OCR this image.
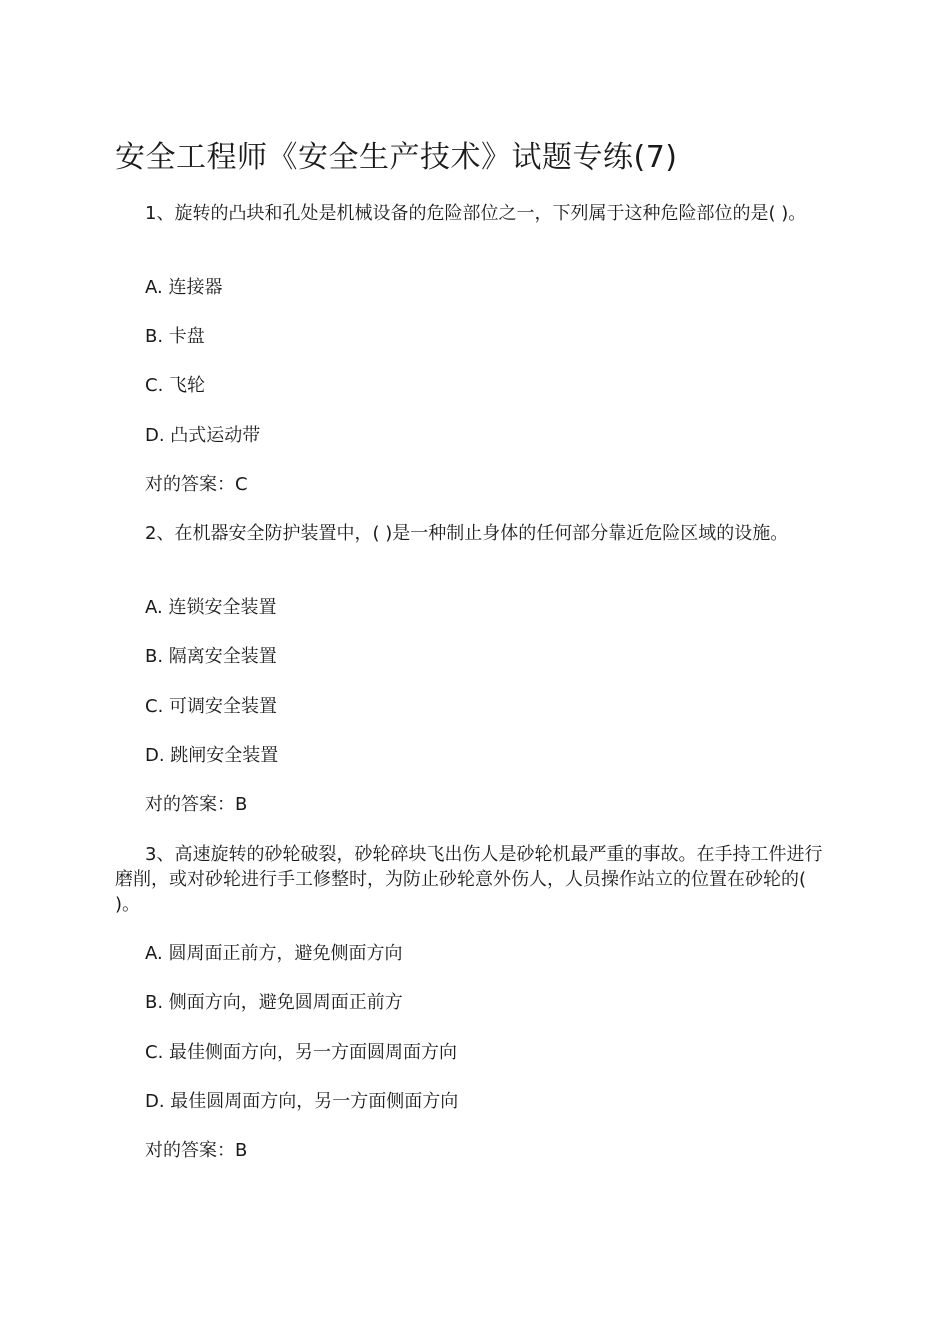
安全工程师《安全生产技术》试题专练(7)

1、旋转的凸块和孔处是机械设备的危险部位之一，下列属于这种危险部位的是( )。

A. 连接器

B. 卡盘

C. 飞轮

D. 凸式运动带

对的答案：C

2、在机器安全防护装置中，( )是一种制止身体的任何部分靠近危险区域的设施。

A. 连锁安全装置

B. 隔离安全装置

C. 可调安全装置

D. 跳闸安全装置

对的答案：B

3、高速旋转的砂轮破裂，砂轮碎块飞出伤人是砂轮机最严重的事故。在手持工件进行磨削，或对砂轮进行手工修整时，为防止砂轮意外伤人，人员操作站立的位置在砂轮的( )。

A. 圆周面正前方，避免侧面方向

B. 侧面方向，避免圆周面正前方

C. 最佳侧面方向，另一方面圆周面方向

D. 最佳圆周面方向，另一方面侧面方向

对的答案：B
